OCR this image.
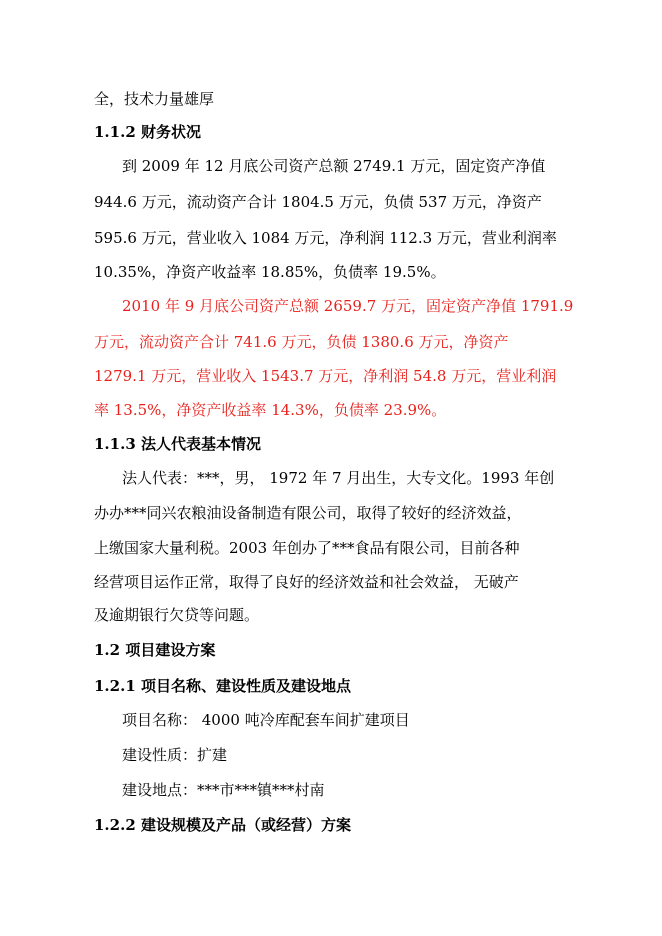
全，技术力量雄厚
1.1.2 财务状况
到 2009 年 12 月底公司资产总额 2749.1 万元，固定资产净值
944.6 万元，流动资产合计 1804.5 万元，负债 537 万元，净资产
595.6 万元，营业收入 1084 万元，净利润 112.3 万元，营业利润率
10.35%，净资产收益率 18.85%，负债率 19.5%。
2010 年 9 月底公司资产总额 2659.7 万元，固定资产净值 1791.9
万元，流动资产合计 741.6 万元，负债 1380.6 万元，净资产
1279.1 万元，营业收入 1543.7 万元，净利润 54.8 万元，营业利润
率 13.5%，净资产收益率 14.3%，负债率 23.9%。
1.1.3 法人代表基本情况
法人代表：***，男， 1972 年 7 月出生，大专文化。1993 年创
办办***同兴农粮油设备制造有限公司，取得了较好的经济效益，
上缴国家大量利税。2003 年创办了***食品有限公司，目前各种
经营项目运作正常，取得了良好的经济效益和社会效益， 无破产
及逾期银行欠贷等问题。
1.2 项目建设方案
1.2.1 项目名称、建设性质及建设地点
项目名称： 4000 吨冷库配套车间扩建项目
建设性质：扩建
建设地点：***市***镇***村南
1.2.2 建设规模及产品（或经营）方案
